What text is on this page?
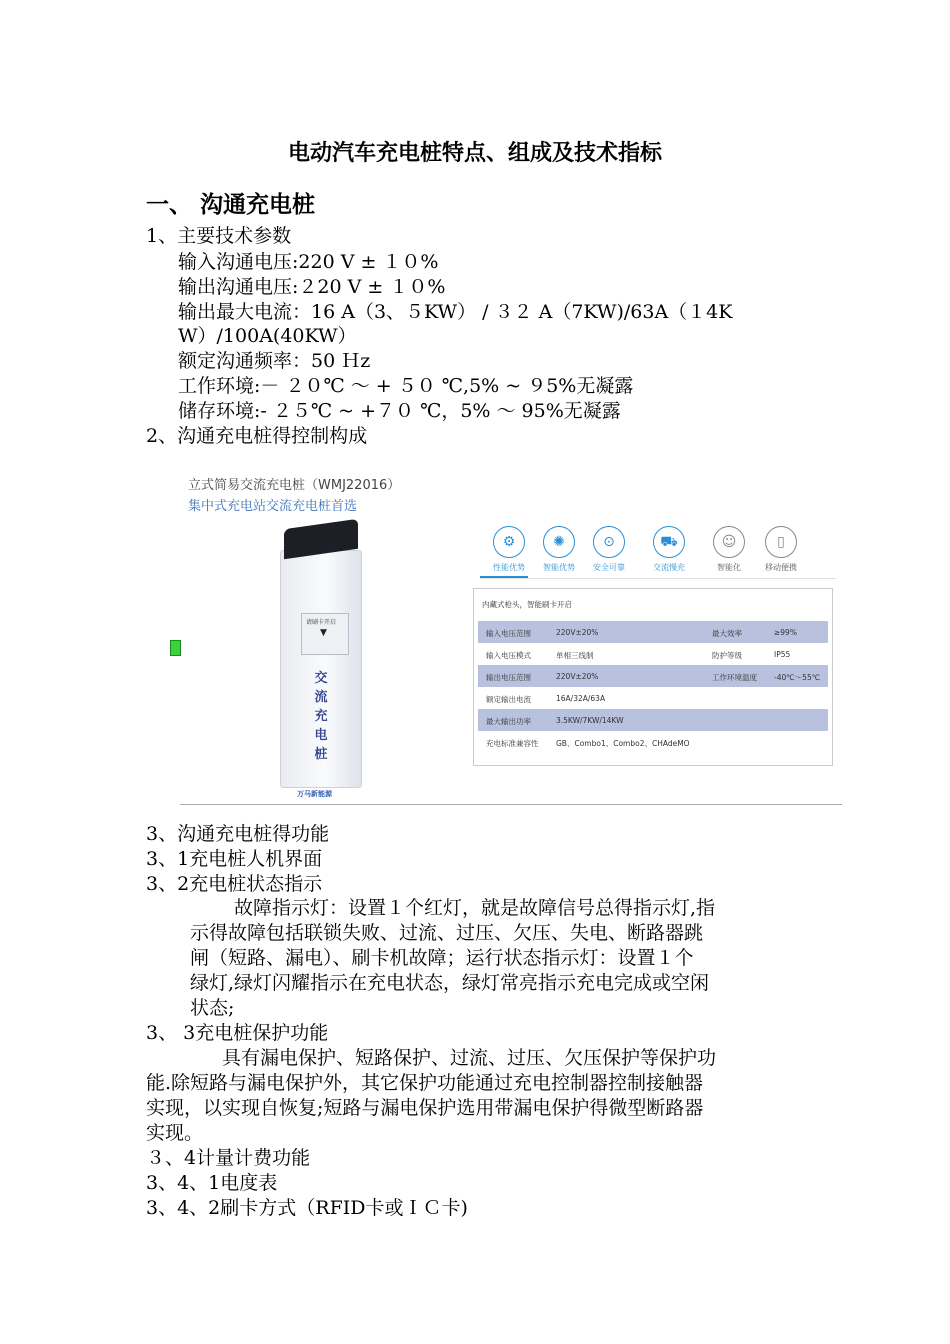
电动汽车充电桩特点、组成及技术指标
一、 沟通充电桩
1、主要技术参数
输入沟通电压:220 V ± １０%
输出沟通电压:２20 V ± １０%
输出最大电流：16 A（3、５KW） / ３２ A（7KW)/63A（１4K
W）/100A(40KW）
额定沟通频率：50 Ｈz
工作环境:－ ２０℃ ～ + ５０ ℃,5% ~ ９5%无凝露
储存环境:- ２５℃ ~ +７０ ℃，5% ～ 95%无凝露
2、沟通充电桩得控制构成
立式简易交流充电桩（WMJ22016）
集中式充电站交流充电桩首选
请刷卡开启
▼
交流充电桩
万马新能源
⚙
性能优势
✺
智能优势
⊙
安全可靠
⛟
交流慢充
☺
智能化
▯
移动便携
内藏式枪头，智能刷卡开启
输入电压范围	220V±20%	最大效率	≥99%
输入电压模式	单相三线制	防护等级	IP55
输出电压范围	220V±20%	工作环境温度 -40℃～55℃
额定输出电流	16A/32A/63A
最大输出功率	3.5KW/7KW/14KW
充电标准兼容性 GB、Combo1、Combo2、CHAdeMO
3、沟通充电桩得功能
3、1充电桩人机界面
3、2充电桩状态指示
故障指示灯：设置１个红灯，就是故障信号总得指示灯,指
示得故障包括联锁失败、过流、过压、欠压、失电、断路器跳
闸（短路、漏电）、刷卡机故障；运行状态指示灯：设置１个
绿灯,绿灯闪耀指示在充电状态，绿灯常亮指示充电完成或空闲
状态;
3、 3充电桩保护功能
具有漏电保护、短路保护、过流、过压、欠压保护等保护功
能.除短路与漏电保护外，其它保护功能通过充电控制器控制接触器
实现，以实现自恢复;短路与漏电保护选用带漏电保护得微型断路器
实现。
３、4计量计费功能
3、4、1电度表
3、4、2刷卡方式（RFID卡或ＩＣ卡)
